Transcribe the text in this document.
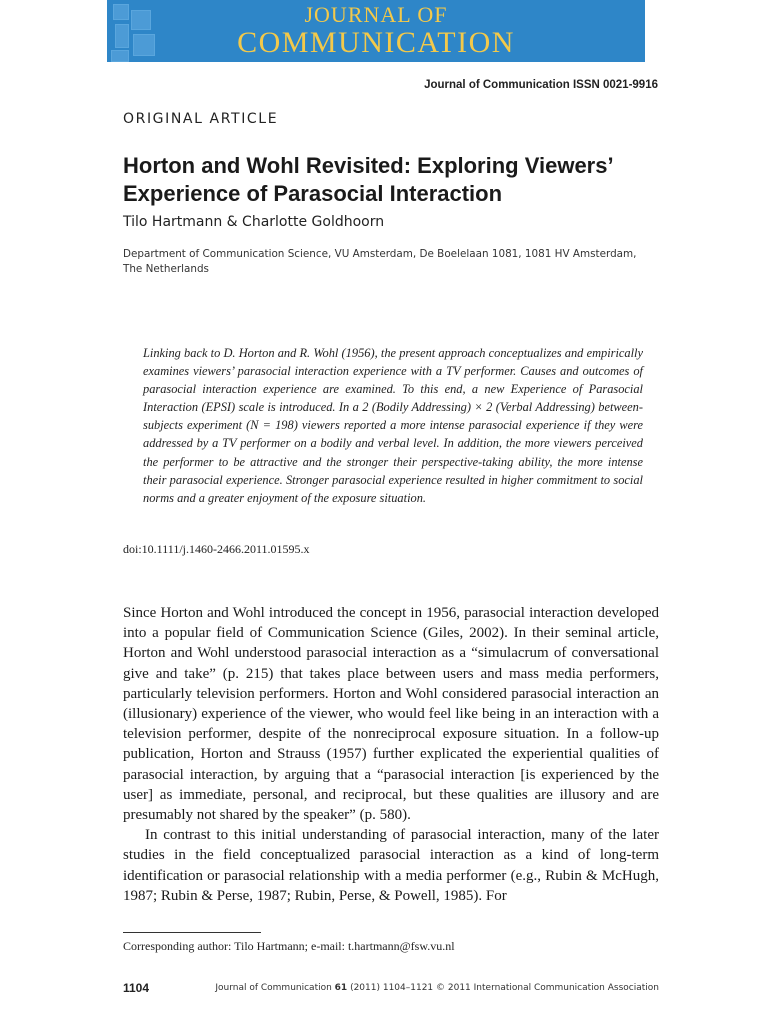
JOURNAL OF
COMMUNICATION
Journal of Communication ISSN 0021-9916
ORIGINAL ARTICLE
Horton and Wohl Revisited: Exploring Viewers’ Experience of Parasocial Interaction
Tilo Hartmann & Charlotte Goldhoorn
Department of Communication Science, VU Amsterdam, De Boelelaan 1081, 1081 HV Amsterdam, The Netherlands
Linking back to D. Horton and R. Wohl (1956), the present approach conceptualizes and empirically examines viewers’ parasocial interaction experience with a TV performer. Causes and outcomes of parasocial interaction experience are examined. To this end, a new Experience of Parasocial Interaction (EPSI) scale is introduced. In a 2 (Bodily Addressing) × 2 (Verbal Addressing) between-subjects experiment (N = 198) viewers reported a more intense parasocial experience if they were addressed by a TV performer on a bodily and verbal level. In addition, the more viewers perceived the performer to be attractive and the stronger their perspective-taking ability, the more intense their parasocial experience. Stronger parasocial experience resulted in higher commitment to social norms and a greater enjoyment of the exposure situation.
doi:10.1111/j.1460-2466.2011.01595.x

Since Horton and Wohl introduced the concept in 1956, parasocial interaction developed into a popular field of Communication Science (Giles, 2002). In their seminal article, Horton and Wohl understood parasocial interaction as a “simulacrum of conversational give and take” (p. 215) that takes place between users and mass media performers, particularly television performers. Horton and Wohl considered parasocial interaction an (illusionary) experience of the viewer, who would feel like being in an interaction with a television performer, despite of the nonreciprocal exposure situation. In a follow-up publication, Horton and Strauss (1957) further explicated the experiential qualities of parasocial interaction, by arguing that a “parasocial interaction [is experienced by the user] as immediate, personal, and reciprocal, but these qualities are illusory and are presumably not shared by the speaker” (p. 580).

In contrast to this initial understanding of parasocial interaction, many of the later studies in the field conceptualized parasocial interaction as a kind of long-term identification or parasocial relationship with a media performer (e.g., Rubin & McHugh, 1987; Rubin & Perse, 1987; Rubin, Perse, & Powell, 1985). For

Corresponding author: Tilo Hartmann; e-mail: t.hartmann@fsw.vu.nl
1104	Journal of Communication 61 (2011) 1104–1121 © 2011 International Communication Association
